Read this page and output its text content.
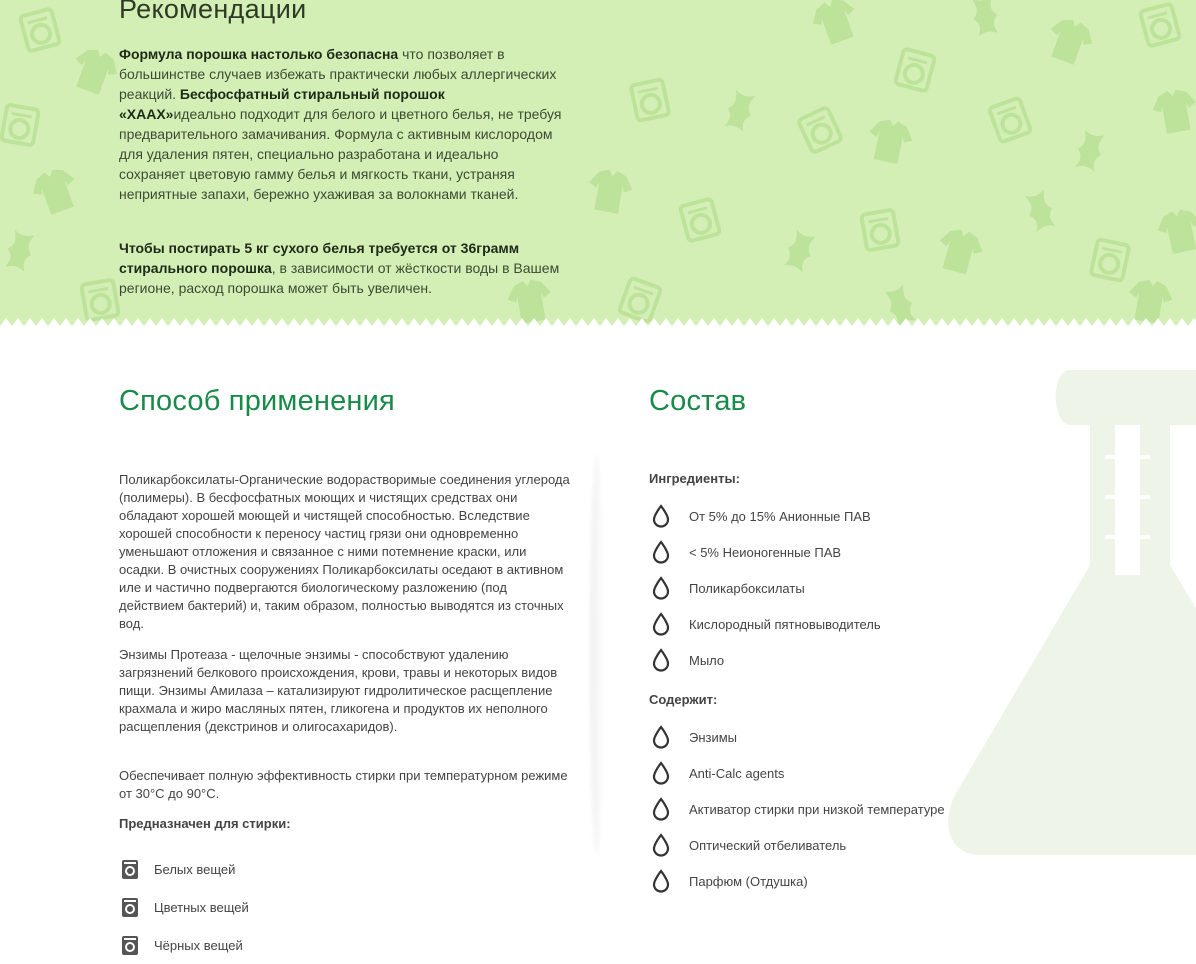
Рекомендации

Формула порошка настолько безопасна что позволяет в большинстве случаев избежать практически любых аллергических реакций. Бесфосфатный стиральный порошок «ХААХ»идеально подходит для белого и цветного белья, не требуя предварительного замачивания. Формула с активным кислородом для удаления пятен, специально разработана и идеально сохраняет цветовую гамму белья и мягкость ткани, устраняя неприятные запахи, бережно ухаживая за волокнами тканей.

Чтобы постирать 5 кг сухого белья требуется от 36грамм стирального порошка, в зависимости от жёсткости воды в Вашем регионе, расход порошка может быть увеличен.

Способ применения

Поликарбоксилаты-Органические водорастворимые соединения углерода (полимеры). В бесфосфатных моющих и чистящих средствах они обладают хорошей моющей и чистящей способностью. Вследствие хорошей способности к переносу частиц грязи они одновременно уменьшают отложения и связанное с ними потемнение краски, или осадки. В очистных сооружениях Поликарбоксилаты оседают в активном иле и частично подвергаются биологическому разложению (под действием бактерий) и, таким образом, полностью выводятся из сточных вод.

Энзимы Протеаза - щелочные энзимы - способствуют удалению загрязнений белкового происхождения, крови, травы и некоторых видов пищи. Энзимы Амилаза – катализируют гидролитическое расщепление крахмала и жиро масляных пятен, гликогена и продуктов их неполного расщепления (декстринов и олигосахаридов).

Обеспечивает полную эффективность стирки при температурном режиме от 30°C до 90°C.

Предназначен для стирки:

Белых вещей
Цветных вещей
Чёрных вещей
Состав

Ингредиенты:

От 5% до 15% Анионные ПАВ
< 5% Неионогенные ПАВ
Поликарбоксилаты
Кислородный пятновыводитель
Мыло

Содержит:

Энзимы
Anti-Calc agents
Активатор стирки при низкой температуре
Оптический отбеливатель
Парфюм (Отдушка)
